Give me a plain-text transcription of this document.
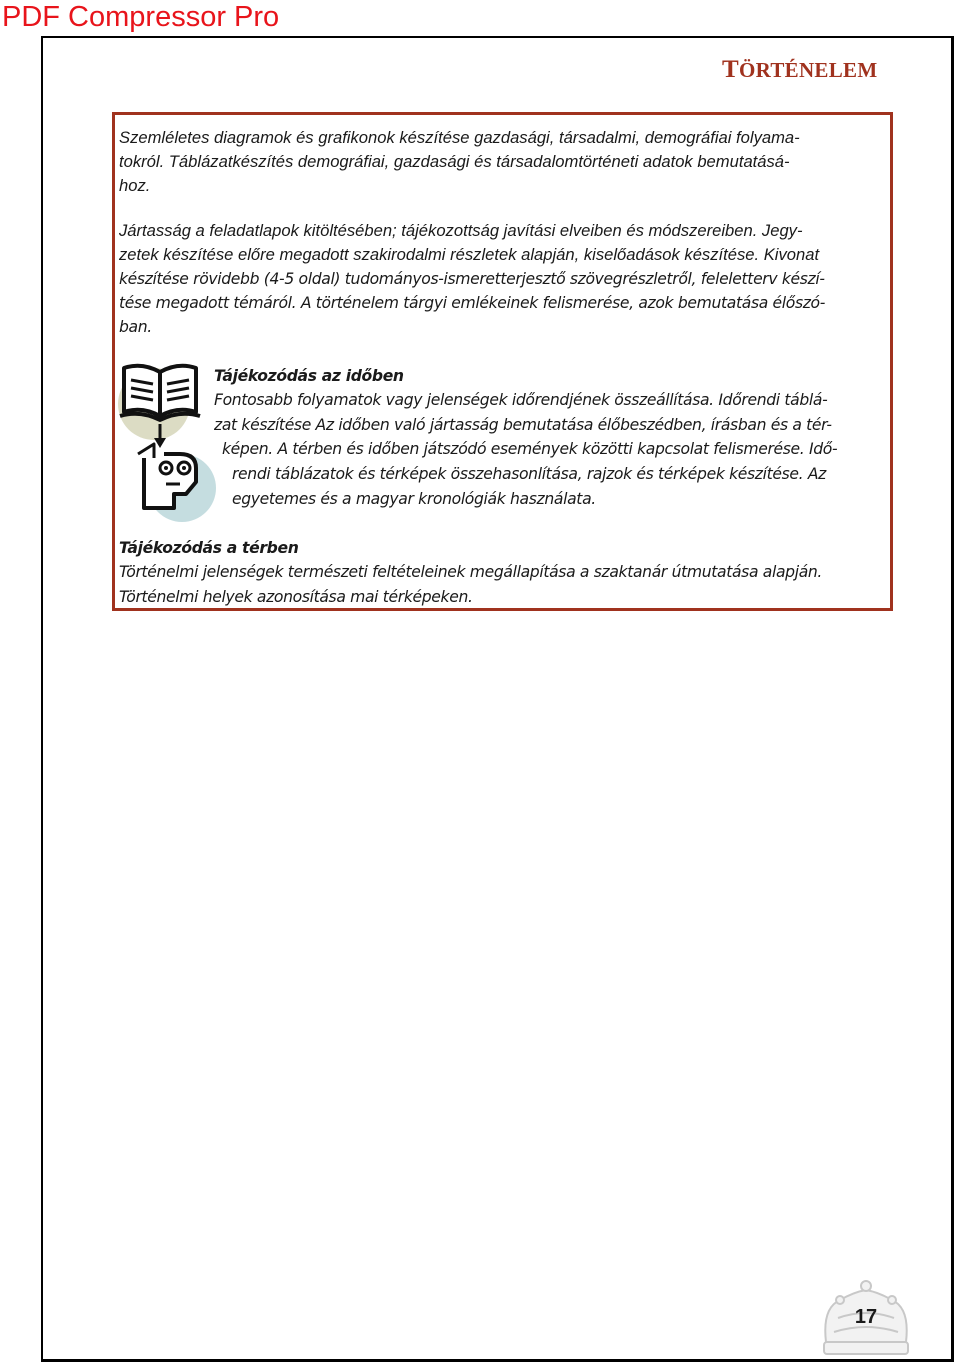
PDF Compressor Pro
TÖRTÉNELEM
Szemléletes diagramok és grafikonok készítése gazdasági, társadalmi, demográfiai folyama-
tokról. Táblázatkészítés demográfiai, gazdasági és társadalomtörténeti adatok bemutatásá-
hoz.
Jártasság a feladatlapok kitöltésében; tájékozottság javítási elveiben és módszereiben. Jegy-
zetek készítése előre megadott szakirodalmi részletek alapján, kiselőadások készítése. Kivonat
készítése rövidebb (4-5 oldal) tudományos-ismeretterjesztő szövegrészletről, feleletterv készí-
tése megadott témáról. A történelem tárgyi emlékeinek felismerése, azok bemutatása élőszó-
ban.
Tájékozódás az időben
Fontosabb folyamatok vagy jelenségek időrendjének összeállítása. Időrendi táblá-
zat készítése Az időben való jártasság bemutatása élőbeszédben, írásban és a tér-
képen. A térben és időben játszódó események közötti kapcsolat felismerése. Idő-
rendi táblázatok és térképek összehasonlítása, rajzok és térképek készítése. Az
egyetemes és a magyar kronológiák használata.
Tájékozódás a térben
Történelmi jelenségek természeti feltételeinek megállapítása a szaktanár útmutatása alapján.
Történelmi helyek azonosítása mai térképeken.
17
